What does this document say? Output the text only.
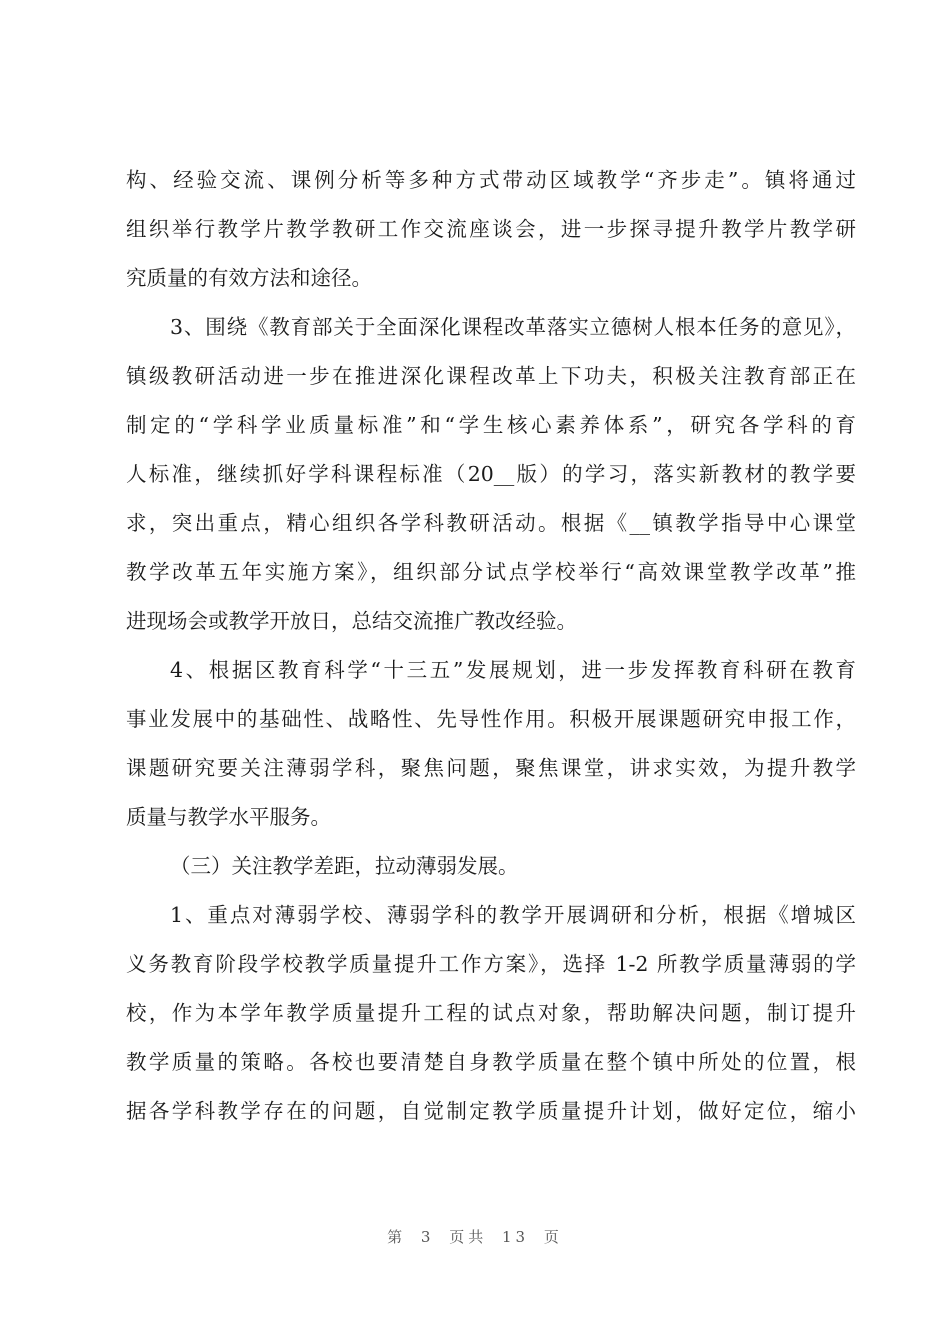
构、经验交流、课例分析等多种方式带动区域教学“齐步走”。镇将通过
组织举行教学片教学教研工作交流座谈会，进一步探寻提升教学片教学研
究质量的有效方法和途径。
3、围绕《教育部关于全面深化课程改革落实立德树人根本任务的意见》，
镇级教研活动进一步在推进深化课程改革上下功夫，积极关注教育部正在
制定的“学科学业质量标准”和“学生核心素养体系”，研究各学科的育
人标准，继续抓好学科课程标准（20__版）的学习，落实新教材的教学要
求，突出重点，精心组织各学科教研活动。根据《__镇教学指导中心课堂
教学改革五年实施方案》，组织部分试点学校举行“高效课堂教学改革”推
进现场会或教学开放日，总结交流推广教改经验。
4、根据区教育科学“十三五”发展规划，进一步发挥教育科研在教育
事业发展中的基础性、战略性、先导性作用。积极开展课题研究申报工作，
课题研究要关注薄弱学科，聚焦问题，聚焦课堂，讲求实效，为提升教学
质量与教学水平服务。
（三）关注教学差距，拉动薄弱发展。
1、重点对薄弱学校、薄弱学科的教学开展调研和分析，根据《增城区
义务教育阶段学校教学质量提升工作方案》，选择 1-2 所教学质量薄弱的学
校，作为本学年教学质量提升工程的试点对象，帮助解决问题，制订提升
教学质量的策略。各校也要清楚自身教学质量在整个镇中所处的位置，根
据各学科教学存在的问题，自觉制定教学质量提升计划，做好定位，缩小
第 3 页共 13 页
